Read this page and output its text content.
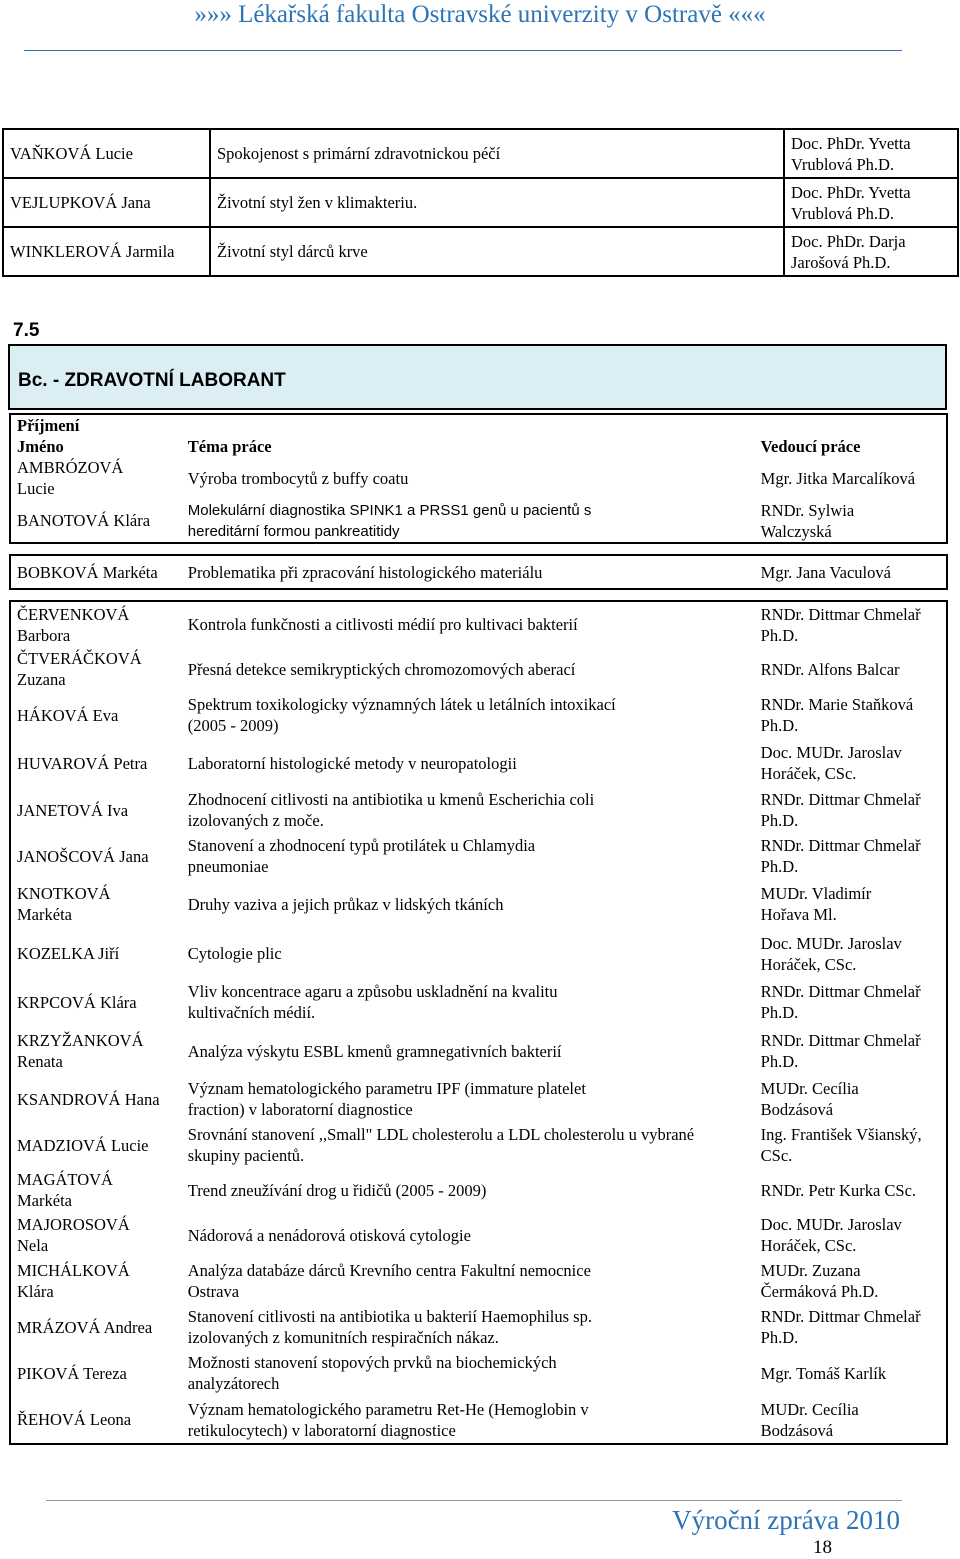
»»» Lékařská fakulta Ostravské univerzity v Ostravě «««
VAŇKOVÁ Lucie	Spokojenost s primární zdravotnickou péčí	Doc. PhDr. Yvetta
Vrublová Ph.D.
VEJLUPKOVÁ Jana	Životní styl žen v klimakteriu.	Doc. PhDr. Yvetta
Vrublová Ph.D.
WINKLEROVÁ Jarmila	Životní styl dárců krve	Doc. PhDr. Darja
Jarošová Ph.D.
7.5
Bc. - ZDRAVOTNÍ LABORANT
Příjmení
Jméno	Téma práce	Vedoucí práce
AMBRÓZOVÁ
Lucie	Výroba trombocytů z buffy coatu	Mgr. Jitka Marcalíková
BANOTOVÁ Klára	Molekulární diagnostika SPINK1 a PRSS1 genů u pacientů s
hereditární formou pankreatitidy	RNDr. Sylwia
Walczyská

BOBKOVÁ Markéta	Problematika při zpracování histologického materiálu	Mgr. Jana Vaculová

ČERVENKOVÁ
Barbora	Kontrola funkčnosti a citlivosti médií pro kultivaci bakterií	RNDr. Dittmar Chmelař
Ph.D.
ČTVERÁČKOVÁ
Zuzana	Přesná detekce semikryptických chromozomových aberací	RNDr. Alfons Balcar
HÁKOVÁ Eva	Spektrum toxikologicky významných látek u letálních intoxikací
(2005 - 2009)	RNDr. Marie Staňková
Ph.D.
HUVAROVÁ Petra	Laboratorní histologické metody v neuropatologii	Doc. MUDr. Jaroslav
Horáček, CSc.
JANETOVÁ Iva	Zhodnocení citlivosti na antibiotika u kmenů Escherichia coli
izolovaných z moče.	RNDr. Dittmar Chmelař
Ph.D.
JANOŠCOVÁ Jana	Stanovení a zhodnocení typů protilátek u Chlamydia
pneumoniae	RNDr. Dittmar Chmelař
Ph.D.
KNOTKOVÁ
Markéta	Druhy vaziva a jejich průkaz v lidských tkáních	MUDr. Vladimír
Hořava Ml.
KOZELKA Jiří	Cytologie plic	Doc. MUDr. Jaroslav
Horáček, CSc.
KRPCOVÁ Klára	Vliv koncentrace agaru a způsobu uskladnění na kvalitu
kultivačních médií.	RNDr. Dittmar Chmelař
Ph.D.
KRZYŽANKOVÁ
Renata	Analýza výskytu ESBL kmenů gramnegativních bakterií	RNDr. Dittmar Chmelař
Ph.D.
KSANDROVÁ Hana	Význam hematologického parametru IPF (immature platelet
fraction) v laboratorní diagnostice	MUDr. Cecília
Bodzásová
MADZIOVÁ Lucie	Srovnání stanovení ,,Small" LDL cholesterolu a LDL cholesterolu u vybrané
skupiny pacientů.	Ing. František Všianský,
CSc.
MAGÁTOVÁ
Markéta	Trend zneužívání drog u řidičů (2005 - 2009)	RNDr. Petr Kurka CSc.
MAJOROSOVÁ
Nela	Nádorová a nenádorová otisková cytologie	Doc. MUDr. Jaroslav
Horáček, CSc.
MICHÁLKOVÁ
Klára	Analýza databáze dárců Krevního centra Fakultní nemocnice
Ostrava	MUDr. Zuzana
Čermáková Ph.D.
MRÁZOVÁ Andrea	Stanovení citlivosti na antibiotika u bakterií Haemophilus sp.
izolovaných z komunitních respiračních nákaz.	RNDr. Dittmar Chmelař
Ph.D.
PIKOVÁ Tereza	Možnosti stanovení stopových prvků na biochemických
analyzátorech	Mgr. Tomáš Karlík
ŘEHOVÁ Leona	Význam hematologického parametru Ret-He (Hemoglobin v
retikulocytech) v laboratorní diagnostice	MUDr. Cecília
Bodzásová
Výroční zpráva 2010
18
